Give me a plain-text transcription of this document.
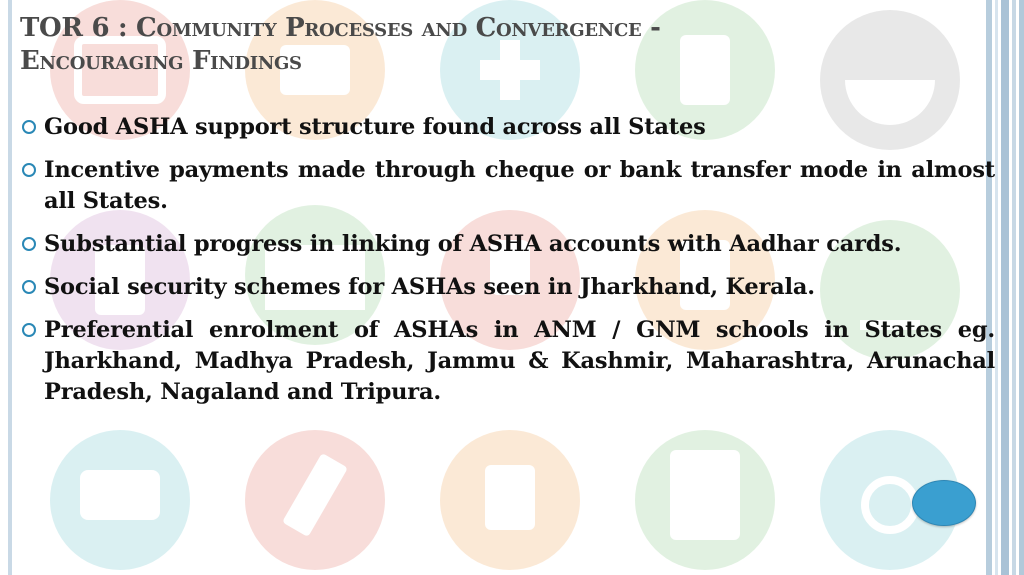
TOR 6 : Community Processes and Convergence - Encouraging Findings
Good ASHA support structure found across all States
Incentive payments made through cheque or bank transfer mode in almost all States.
Substantial progress in linking of ASHA accounts with Aadhar cards.
Social security schemes for ASHAs seen in Jharkhand, Kerala.
Preferential enrolment of ASHAs in ANM / GNM schools in States eg. Jharkhand, Madhya Pradesh, Jammu & Kashmir, Maharashtra, Arunachal Pradesh, Nagaland and Tripura.
